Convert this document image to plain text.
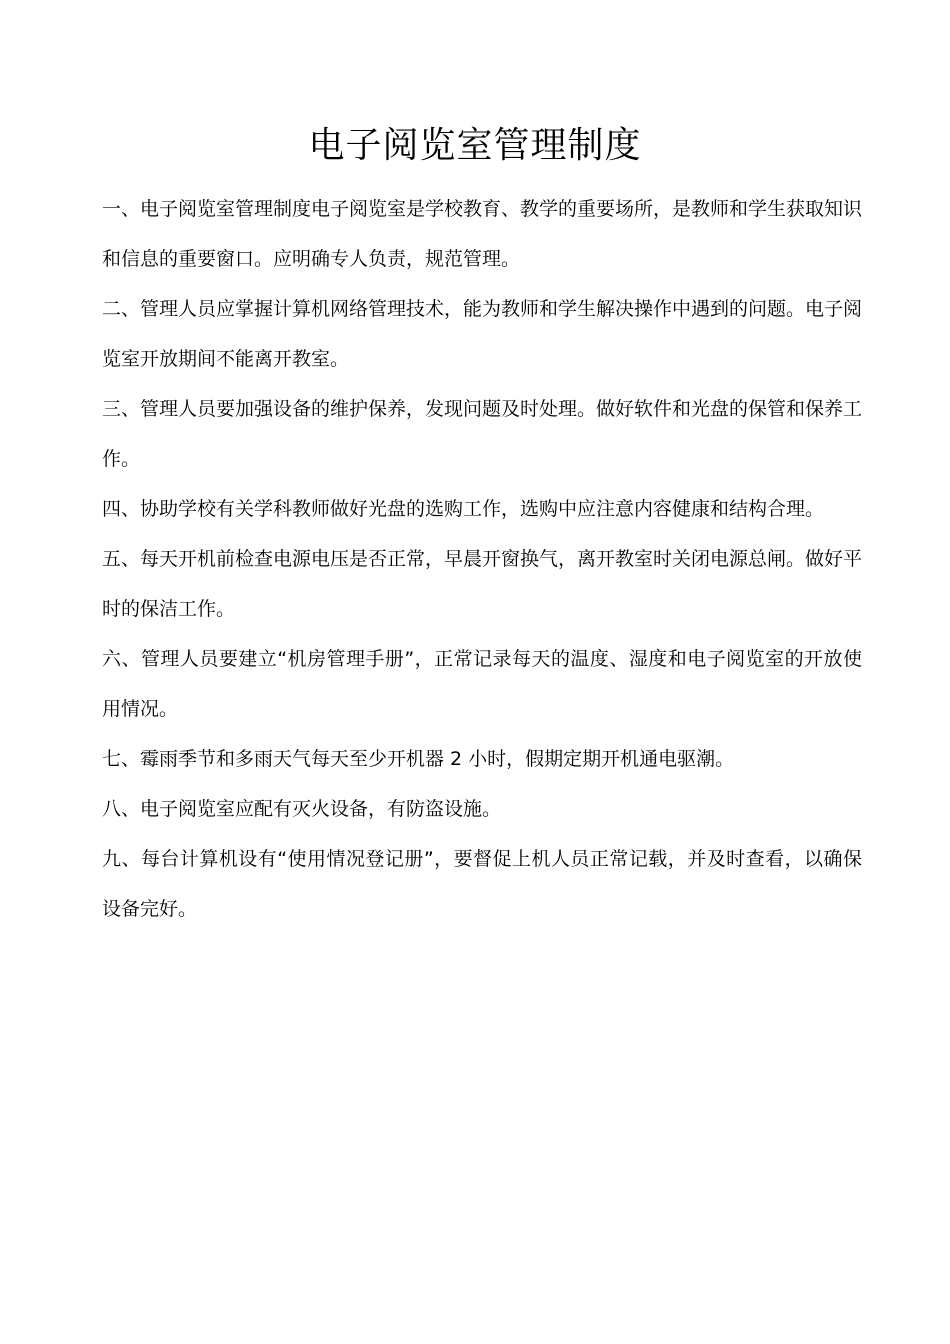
电子阅览室管理制度

一、电子阅览室管理制度电子阅览室是学校教育、教学的重要场所，是教师和学生获取知识和信息的重要窗口。应明确专人负责，规范管理。

二、管理人员应掌握计算机网络管理技术，能为教师和学生解决操作中遇到的问题。电子阅览室开放期间不能离开教室。

三、管理人员要加强设备的维护保养，发现问题及时处理。做好软件和光盘的保管和保养工作。

四、协助学校有关学科教师做好光盘的选购工作，选购中应注意内容健康和结构合理。

五、每天开机前检查电源电压是否正常，早晨开窗换气，离开教室时关闭电源总闸。做好平时的保洁工作。

六、管理人员要建立“机房管理手册”，正常记录每天的温度、湿度和电子阅览室的开放使用情况。

七、霉雨季节和多雨天气每天至少开机器 2 小时，假期定期开机通电驱潮。

八、电子阅览室应配有灭火设备，有防盗设施。

九、每台计算机设有“使用情况登记册”，要督促上机人员正常记载，并及时查看，以确保设备完好。
